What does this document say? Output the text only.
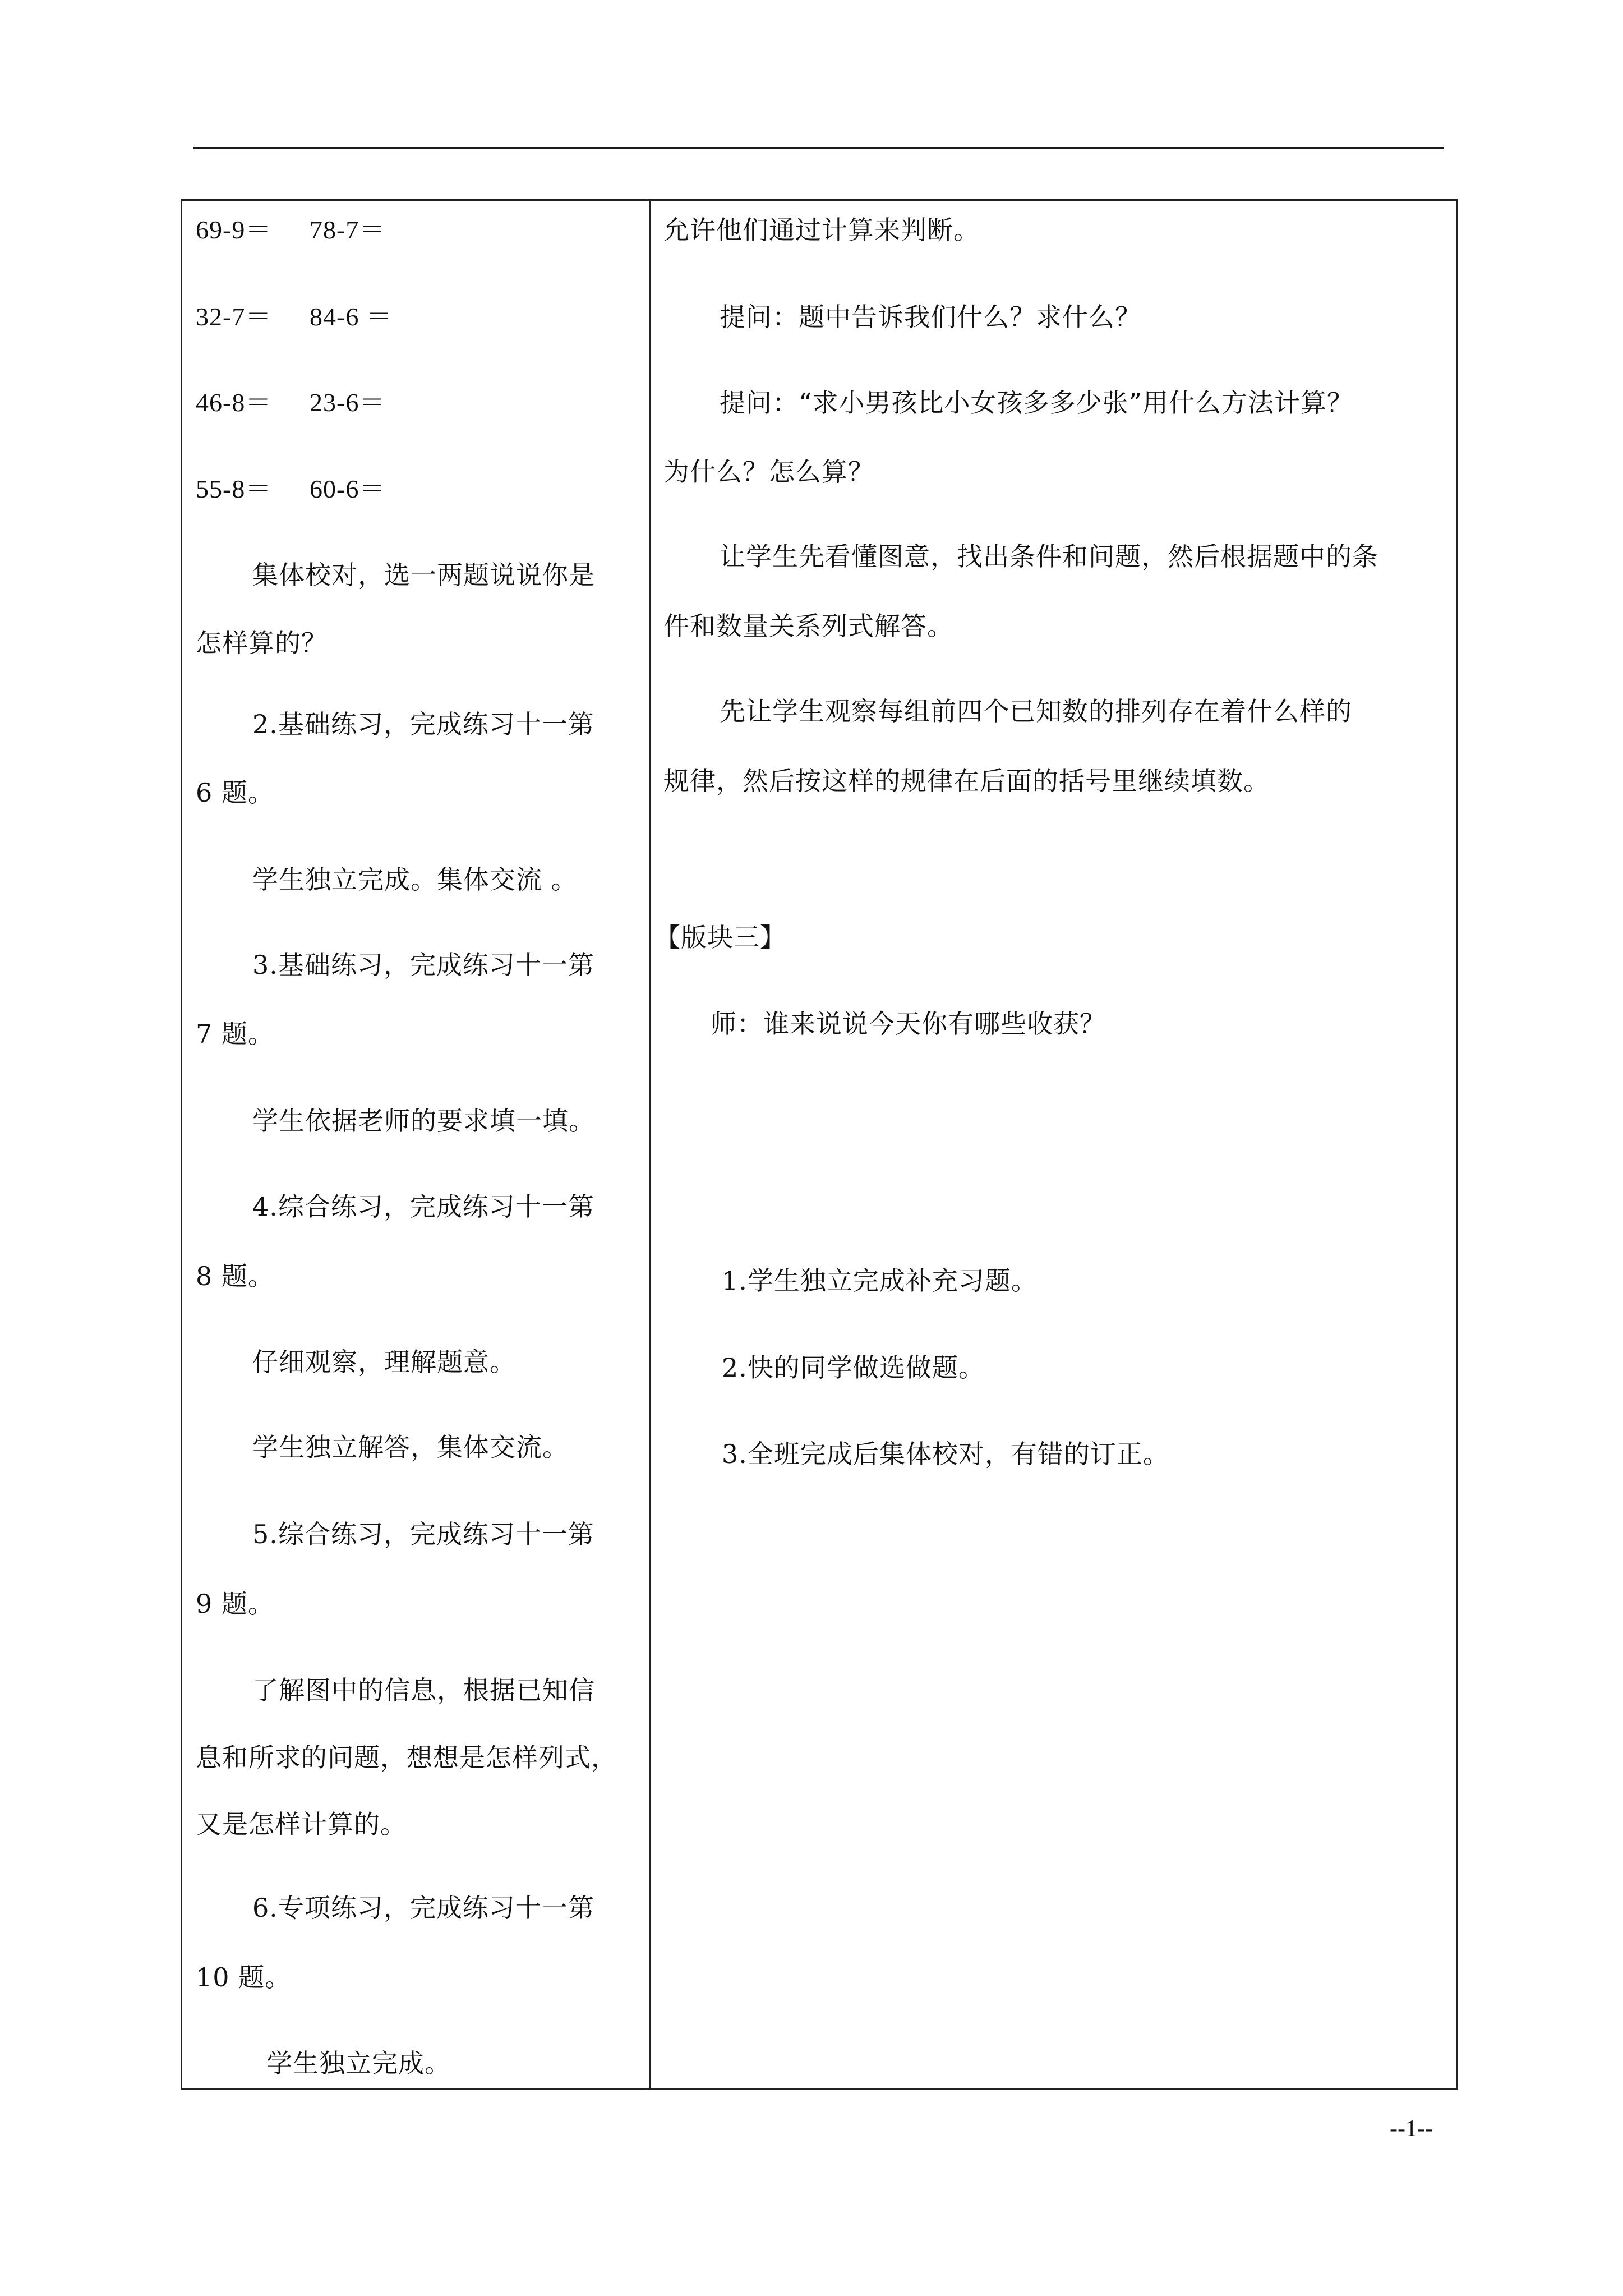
69-9＝ 78-7＝
32-7＝ 84-6 ＝
46-8＝ 23-6＝
55-8＝ 60-6＝
集体校对，选一两题说说你是
怎样算的？
2.基础练习，完成练习十一第
6 题。
学生独立完成。集体交流 。
3.基础练习，完成练习十一第
7 题。
学生依据老师的要求填一填。
4.综合练习，完成练习十一第
8 题。
仔细观察，理解题意。
学生独立解答，集体交流。
5.综合练习，完成练习十一第
9 题。
了解图中的信息，根据已知信
息和所求的问题，想想是怎样列式，
又是怎样计算的。
6.专项练习，完成练习十一第
10 题。
学生独立完成。
允许他们通过计算来判断。
提问：题中告诉我们什么？求什么？
提问：“求小男孩比小女孩多多少张”用什么方法计算？
为什么？怎么算？
让学生先看懂图意，找出条件和问题，然后根据题中的条
件和数量关系列式解答。
先让学生观察每组前四个已知数的排列存在着什么样的
规律，然后按这样的规律在后面的括号里继续填数。
【版块三】
师：谁来说说今天你有哪些收获？
1.学生独立完成补充习题。
2.快的同学做选做题。
3.全班完成后集体校对，有错的订正。
--1--
